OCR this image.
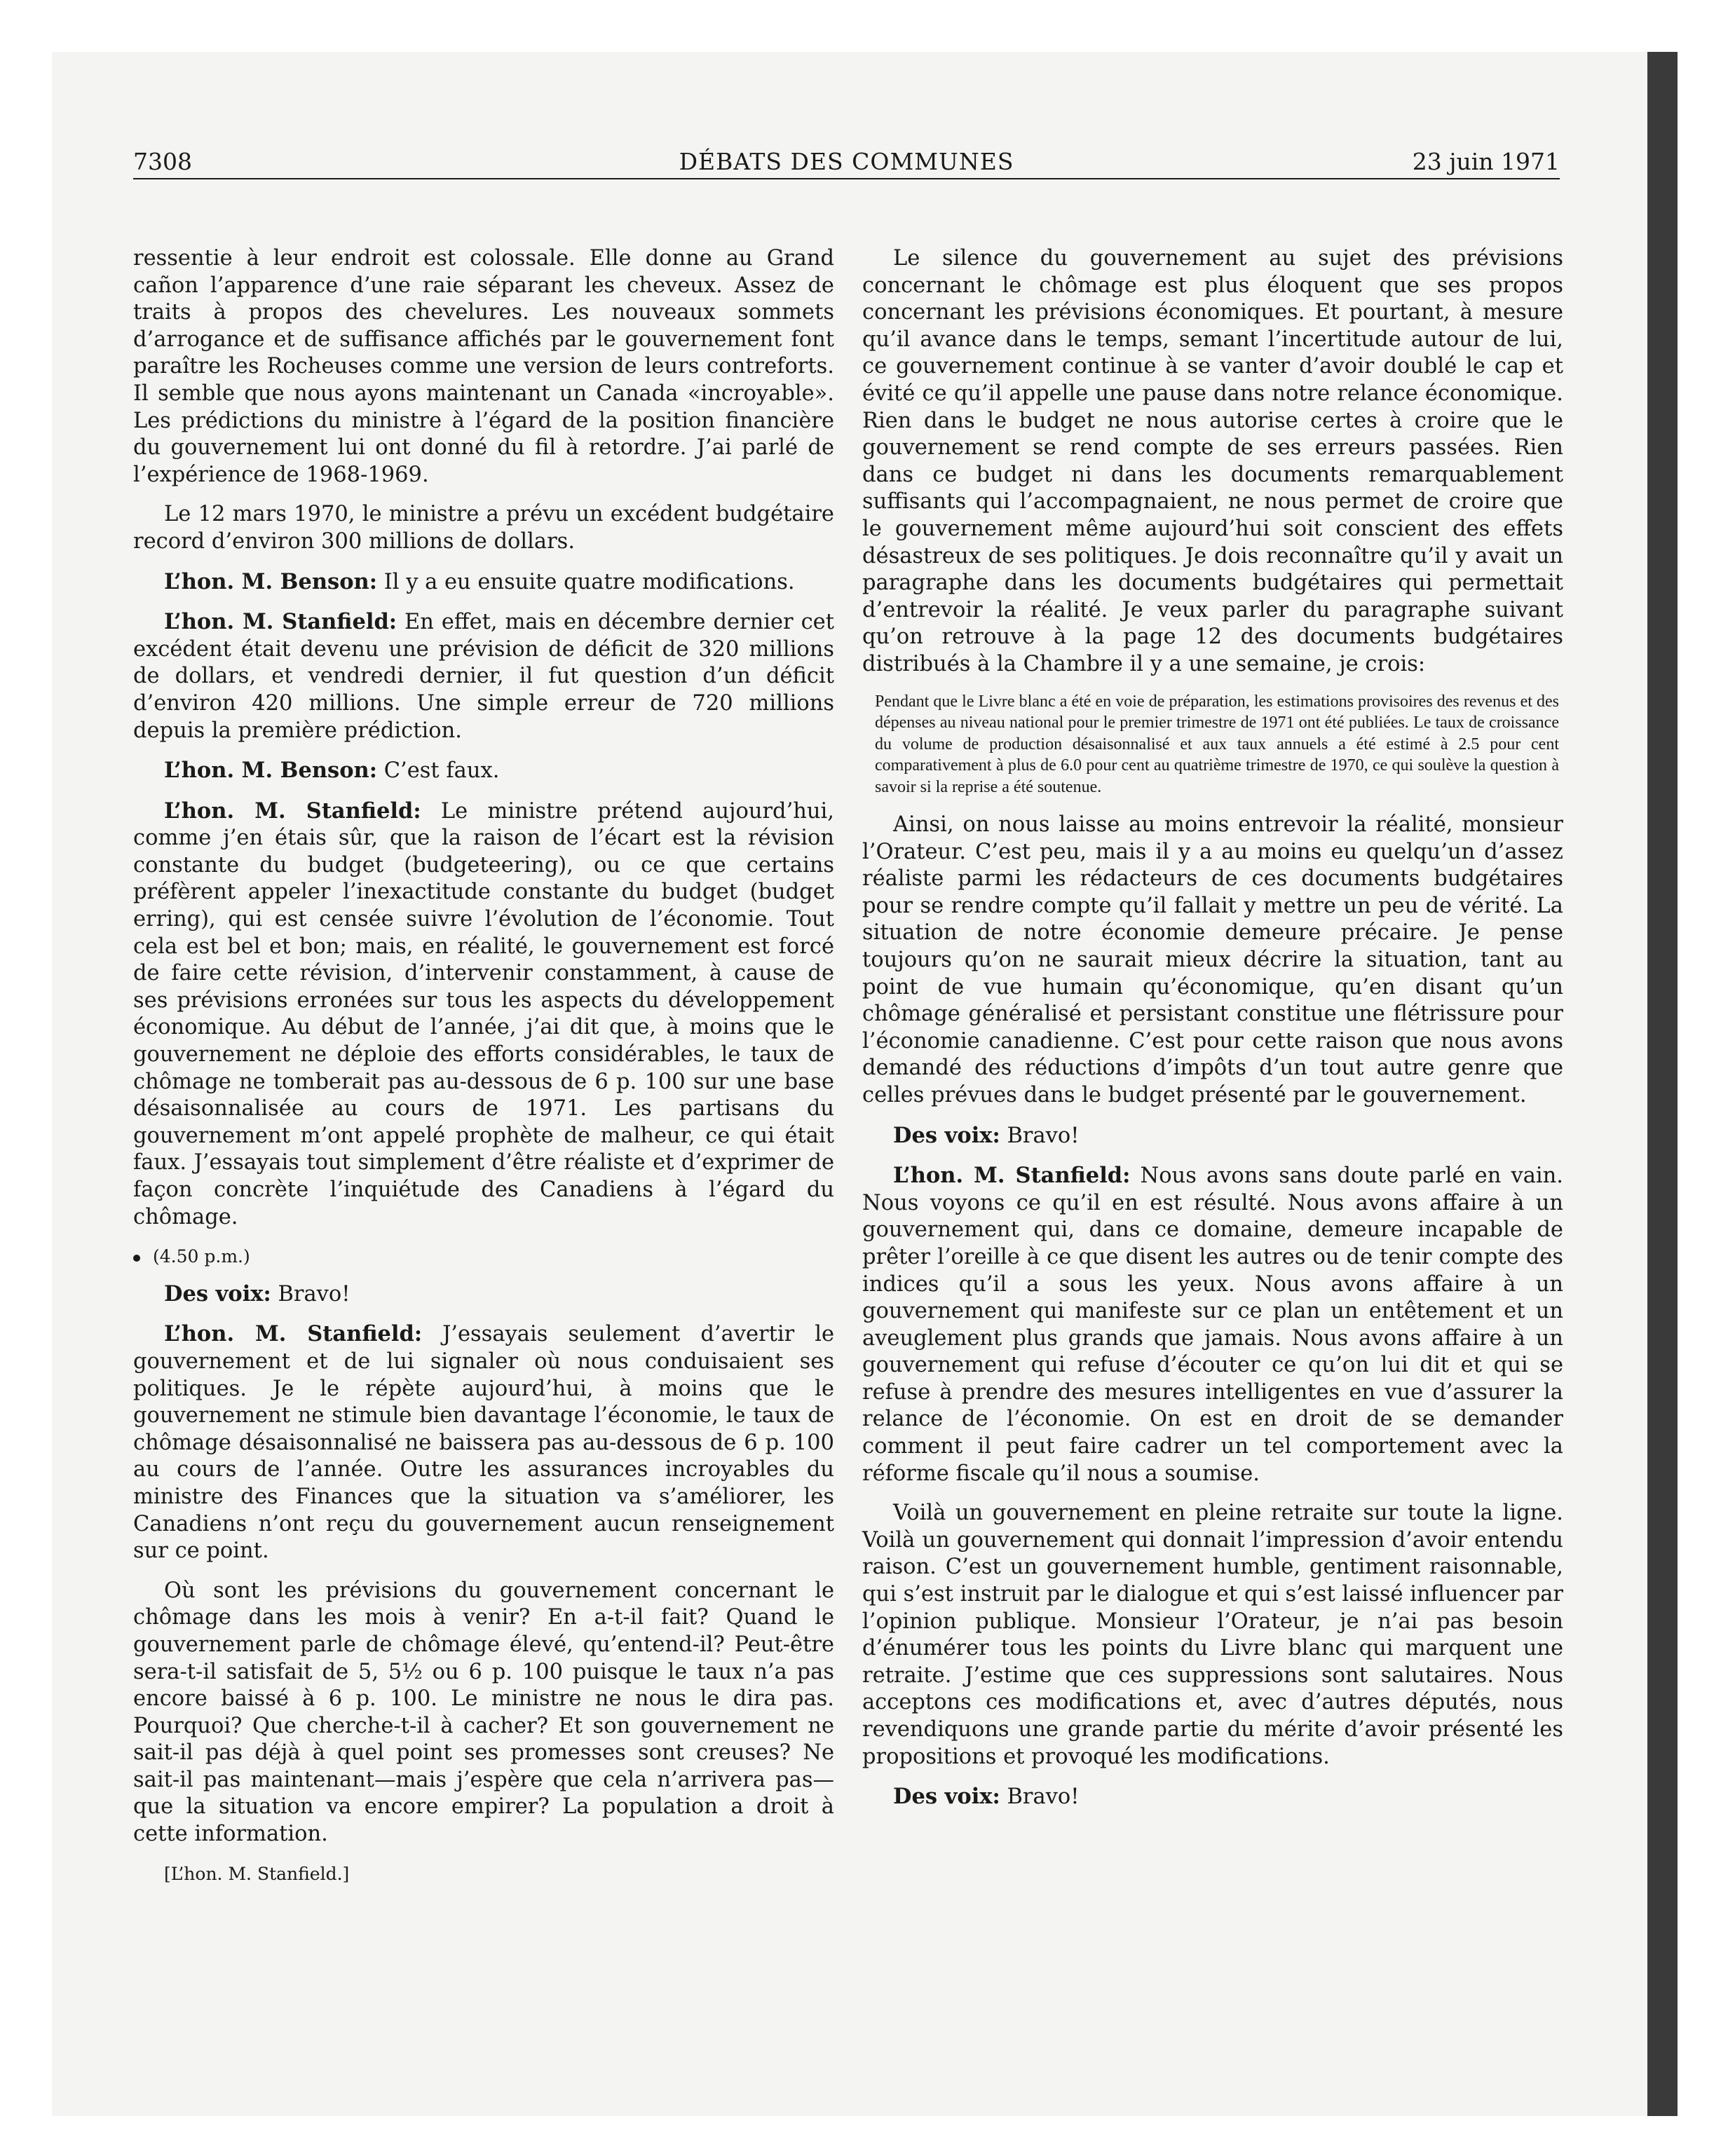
7308	DÉBATS DES COMMUNES	23 juin 1971

ressentie à leur endroit est colossale. Elle donne au Grand cañon l’apparence d’une raie séparant les cheveux. Assez de traits à propos des chevelures. Les nouveaux sommets d’arrogance et de suffisance affichés par le gouvernement font paraître les Rocheuses comme une version de leurs contreforts. Il semble que nous ayons maintenant un Canada «incroyable». Les prédictions du ministre à l’égard de la position financière du gouvernement lui ont donné du fil à retordre. J’ai parlé de l’expérience de 1968-1969.

Le 12 mars 1970, le ministre a prévu un excédent budgétaire record d’environ 300 millions de dollars.

L’hon. M. Benson: Il y a eu ensuite quatre modifications.

L’hon. M. Stanfield: En effet, mais en décembre dernier cet excédent était devenu une prévision de déficit de 320 millions de dollars, et vendredi dernier, il fut question d’un déficit d’environ 420 millions. Une simple erreur de 720 millions depuis la première prédiction.

L’hon. M. Benson: C’est faux.

L’hon. M. Stanfield: Le ministre prétend aujourd’hui, comme j’en étais sûr, que la raison de l’écart est la révision constante du budget (budgeteering), ou ce que certains préfèrent appeler l’inexactitude constante du budget (budget erring), qui est censée suivre l’évolution de l’économie. Tout cela est bel et bon; mais, en réalité, le gouvernement est forcé de faire cette révision, d’intervenir constamment, à cause de ses prévisions erronées sur tous les aspects du développement économique. Au début de l’année, j’ai dit que, à moins que le gouvernement ne déploie des efforts considérables, le taux de chômage ne tomberait pas au-dessous de 6 p. 100 sur une base désaisonnalisée au cours de 1971. Les partisans du gouvernement m’ont appelé prophète de malheur, ce qui était faux. J’essayais tout simplement d’être réaliste et d’exprimer de façon concrète l’inquiétude des Canadiens à l’égard du chômage.

(4.50 p.m.)

Des voix: Bravo!

L’hon. M. Stanfield: J’essayais seulement d’avertir le gouvernement et de lui signaler où nous conduisaient ses politiques. Je le répète aujourd’hui, à moins que le gouvernement ne stimule bien davantage l’économie, le taux de chômage désaisonnalisé ne baissera pas au-dessous de 6 p. 100 au cours de l’année. Outre les assurances incroyables du ministre des Finances que la situation va s’améliorer, les Canadiens n’ont reçu du gouvernement aucun renseignement sur ce point.

Où sont les prévisions du gouvernement concernant le chômage dans les mois à venir? En a-t-il fait? Quand le gouvernement parle de chômage élevé, qu’entend-il? Peut-être sera-t-il satisfait de 5, 5½ ou 6 p. 100 puisque le taux n’a pas encore baissé à 6 p. 100. Le ministre ne nous le dira pas. Pourquoi? Que cherche-t-il à cacher? Et son gouvernement ne sait-il pas déjà à quel point ses promesses sont creuses? Ne sait-il pas maintenant—mais j’espère que cela n’arrivera pas—que la situation va encore empirer? La population a droit à cette information.

[L’hon. M. Stanfield.]

Le silence du gouvernement au sujet des prévisions concernant le chômage est plus éloquent que ses propos concernant les prévisions économiques. Et pourtant, à mesure qu’il avance dans le temps, semant l’incertitude autour de lui, ce gouvernement continue à se vanter d’avoir doublé le cap et évité ce qu’il appelle une pause dans notre relance économique. Rien dans le budget ne nous autorise certes à croire que le gouvernement se rend compte de ses erreurs passées. Rien dans ce budget ni dans les documents remarquablement suffisants qui l’accompagnaient, ne nous permet de croire que le gouvernement même aujourd’hui soit conscient des effets désastreux de ses politiques. Je dois reconnaître qu’il y avait un paragraphe dans les documents budgétaires qui permettait d’entrevoir la réalité. Je veux parler du paragraphe suivant qu’on retrouve à la page 12 des documents budgétaires distribués à la Chambre il y a une semaine, je crois:

Pendant que le Livre blanc a été en voie de préparation, les estimations provisoires des revenus et des dépenses au niveau national pour le premier trimestre de 1971 ont été publiées. Le taux de croissance du volume de production désaisonnalisé et aux taux annuels a été estimé à 2.5 pour cent comparativement à plus de 6.0 pour cent au quatrième trimestre de 1970, ce qui soulève la question à savoir si la reprise a été soutenue.

Ainsi, on nous laisse au moins entrevoir la réalité, monsieur l’Orateur. C’est peu, mais il y a au moins eu quelqu’un d’assez réaliste parmi les rédacteurs de ces documents budgétaires pour se rendre compte qu’il fallait y mettre un peu de vérité. La situation de notre économie demeure précaire. Je pense toujours qu’on ne saurait mieux décrire la situation, tant au point de vue humain qu’économique, qu’en disant qu’un chômage généralisé et persistant constitue une flétrissure pour l’économie canadienne. C’est pour cette raison que nous avons demandé des réductions d’impôts d’un tout autre genre que celles prévues dans le budget présenté par le gouvernement.

Des voix: Bravo!

L’hon. M. Stanfield: Nous avons sans doute parlé en vain. Nous voyons ce qu’il en est résulté. Nous avons affaire à un gouvernement qui, dans ce domaine, demeure incapable de prêter l’oreille à ce que disent les autres ou de tenir compte des indices qu’il a sous les yeux. Nous avons affaire à un gouvernement qui manifeste sur ce plan un entêtement et un aveuglement plus grands que jamais. Nous avons affaire à un gouvernement qui refuse d’écouter ce qu’on lui dit et qui se refuse à prendre des mesures intelligentes en vue d’assurer la relance de l’économie. On est en droit de se demander comment il peut faire cadrer un tel comportement avec la réforme fiscale qu’il nous a soumise.

Voilà un gouvernement en pleine retraite sur toute la ligne. Voilà un gouvernement qui donnait l’impression d’avoir entendu raison. C’est un gouvernement humble, gentiment raisonnable, qui s’est instruit par le dialogue et qui s’est laissé influencer par l’opinion publique. Monsieur l’Orateur, je n’ai pas besoin d’énumérer tous les points du Livre blanc qui marquent une retraite. J’estime que ces suppressions sont salutaires. Nous acceptons ces modifications et, avec d’autres députés, nous revendiquons une grande partie du mérite d’avoir présenté les propositions et provoqué les modifications.

Des voix: Bravo!
